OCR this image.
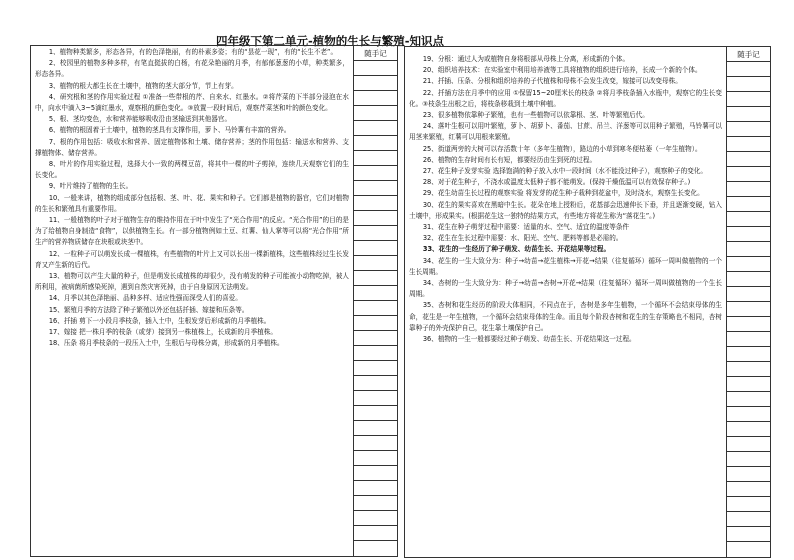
四年级下第二单元-植物的生长与繁殖-知识点

1、植物种类繁多，形态各异，有的色泽艳丽，有的朴素多姿；有的“昙花一现”，有的“长生不老”。

2、校园里的植物多种多样，有笔直挺拔的白杨，有花朵艳丽的月季，有郁郁葱葱的小草，种类繁多，形态各异。

3、植物的根大都生长在土壤中，植物的茎大部分节，节上有芽。

4、研究根和茎的作用实验过程 ①准备一些带根的芹、自来水、红墨水。②将芹菜的下半部分浸泡在水中，向水中滴入3~5滴红墨水，观察根的颜色变化。③放置一段时间后，观察芹菜茎和叶的颜色变化。

5、根、茎均变色，水和营养能够吸收沿由茎输送到其他器官。

6、植物的根固着于土壤中，植物的茎具有支撑作用，萝卜、马铃薯有丰富的营养。

7、根的作用包括：吸收水和营养、固定植物体和土壤、储存营养；茎的作用包括：输送水和营养、支撑植物体、储存营养。

8、叶片的作用实验过程，选择大小一致的两棵豆苗，将其中一棵的叶子剪掉，连续几天观察它们的生长变化。

9、叶片维持了植物的生长。

10、一般来讲，植物的组成部分包括根、茎、叶、花、果实和种子。它们都是植物的器官，它们对植物的生长和繁殖具有重要作用。

11、一般植物的叶子对于植物生存的维持作用在于叶中发生了“光合作用”的反应。“光合作用”的目的是为了给植物自身制造“食物”，以供植物生长。有一部分植物例如土豆、红薯、仙人掌等可以将“光合作用”所生产的营养物质储存在块根或块茎中。

12、一粒种子可以萌发长成一棵植株，有些植物的叶片上又可以长出一棵新植株，这些植株经过生长发育又产生新的后代。

13、植物可以产生大量的种子，但是萌发长成植株的却很少，没有萌发的种子可能被小动物吃掉，被人所利用，被病菌所感染死掉，遇到自然灾害死掉，由于自身原因无法萌发。

14、月季以其色泽艳丽、品种多样、适应性强而深受人们的喜爱。

15、繁殖月季的方法除了种子繁殖以外还包括扦插、嫁接和压条等。

16、扦插 剪下一小段月季枝条，插入土中，生根发芽后形成新的月季植株。

17、嫁接 把一株月季的枝条（或芽）接到另一株植株上，长成新的月季植株。

18、压条 将月季枝条的一段压入土中，生根后与母株分离，形成新的月季植株。

随手记

19、分根：通过人为或植物自身将根部从母株上分离，形成新的个体。

20、组织培养技术：在实验室中利用培养液等工具将植物的组织进行培养，长成一个新的个体。

21、扦插、压条、分根和组织培养的子代植株和母株不会发生改变，嫁接可以改变母株。

22、扦插方法在月季中的应用 ①保留15~20厘米长的枝条 ②将月季枝条插入水瓶中，观察它的生长变化。③枝条生出根之后，将枝条移栽到土壤中种植。

23、很多植物依靠种子繁殖，也有一些植物可以依靠根、茎、叶等繁殖后代。

24、落叶生根可以用叶繁殖，萝卜、胡萝卜、番茄、甘蔗、吊兰、洋葱等可以用种子繁殖，马铃薯可以用茎来繁殖，红薯可以用根来繁殖。

25、街道两旁的大树可以存活数十年（多年生植物），路边的小草到寒冬便枯萎（一年生植物）。

26、植物的生存时间有长有短，都要经历由生到死的过程。

27、花生种子发芽实验 选择饱满的种子放入水中一段时间（水不能没过种子），观察种子的变化。

28、对于花生种子，不浇水或温度太低种子都不能萌发。(保持干燥低温可以有效保存种子。)

29、花生幼苗生长过程的观察实验 将发芽的花生种子栽种到花盆中，及时浇水，观察生长变化。

30、花生的果实喜欢在黑暗中生长。花朵在地上授粉后，花基部会迅速伸长下垂，并且逐渐变硬，钻入土壤中，形成果实。(根据花生这一独特的结果方式，有些地方将花生称为“落花生”。)

31、花生在种子萌芽过程中需要：适量的水、空气、适宜的温度等条件

32、花生在生长过程中需要：水、阳光、空气、肥料等都是必需的。

33、花生的一生经历了种子萌发、幼苗生长、开花结果等过程。

34、花生的一生大致分为：种子→幼苗→花生植株→开花→结果（往复循环）循环一周叫做植物的一个生长周期。

34、杏树的一生大致分为：种子→幼苗→杏树→开花→结果（往复循环）循环一周叫做植物的一个生长周期。

35、杏树和花生经历的阶段大体相同，不同点在于，杏树是多年生植物，一个循环不会结束母体的生命，花生是一年生植物，一个循环会结束母体的生命。而且每个阶段杏树和花生的生存策略也不相同，杏树靠种子的外壳保护自己，花生靠土壤保护自己。

36、植物的一生一般都要经过种子萌发、幼苗生长、开花结果这一过程。

随手记
